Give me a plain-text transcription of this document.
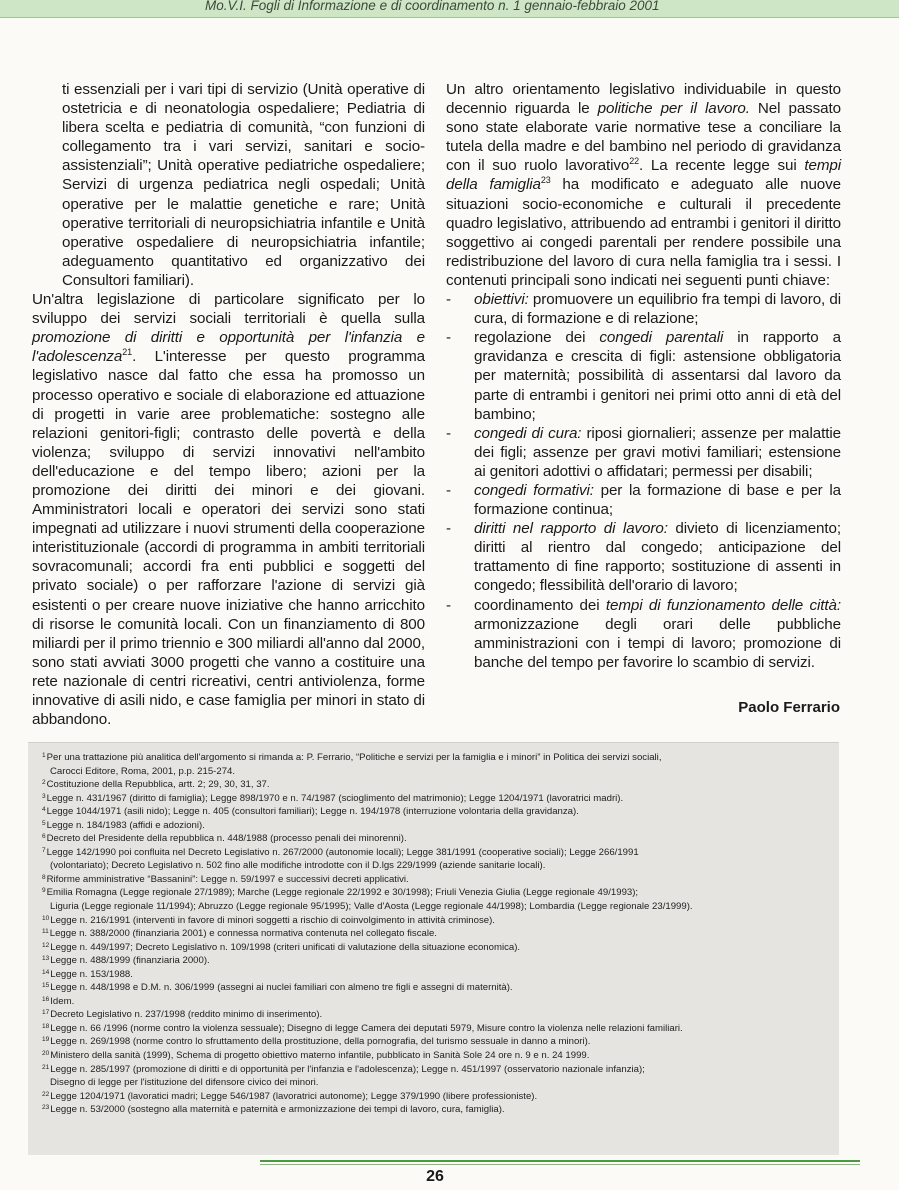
Mo.V.I. Fogli di Informazione e di coordinamento n. 1 gennaio-febbraio 2001

ti essenziali per i vari tipi di servizio (Unità operative di ostetricia e di neonatologia ospedaliere; Pediatria di libera scelta e pediatria di comunità, “con funzioni di collegamento tra i vari servizi, sanitari e socio-assistenziali”; Unità operative pediatriche ospedaliere; Servizi di urgenza pediatrica negli ospedali; Unità operative per le malattie genetiche e rare; Unità operative territoriali di neuropsichiatria infantile e Unità operative ospedaliere di neuropsichiatria infantile; adeguamento quantitativo ed organizzativo dei Consultori familiari).

Un'altra legislazione di particolare significato per lo sviluppo dei servizi sociali territoriali è quella sulla promozione di diritti e opportunità per l'infanzia e l'adolescenza$^{21}$. L'interesse per questo programma legislativo nasce dal fatto che essa ha promosso un processo operativo e sociale di elaborazione ed attuazione di progetti in varie aree problematiche: sostegno alle relazioni genitori-figli; contrasto delle povertà e della violenza; sviluppo di servizi innovativi nell'ambito dell'educazione e del tempo libero; azioni per la promozione dei diritti dei minori e dei giovani. Amministratori locali e operatori dei servizi sono stati impegnati ad utilizzare i nuovi strumenti della cooperazione interistituzionale (accordi di programma in ambiti territoriali sovracomunali; accordi fra enti pubblici e soggetti del privato sociale) o per rafforzare l'azione di servizi già esistenti o per creare nuove iniziative che hanno arricchito di risorse le comunità locali. Con un finanziamento di 800 miliardi per il primo triennio e 300 miliardi all'anno dal 2000, sono stati avviati 3000 progetti che vanno a costituire una rete nazionale di centri ricreativi, centri antiviolenza, forme innovative di asili nido, e case famiglia per minori in stato di abbandono.

Un altro orientamento legislativo individuabile in questo decennio riguarda le politiche per il lavoro. Nel passato sono state elaborate varie normative tese a conciliare la tutela della madre e del bambino nel periodo di gravidanza con il suo ruolo lavorativo$^{22}$. La recente legge sui tempi della famiglia$^{23}$ ha modificato e adeguato alle nuove situazioni socio-economiche e culturali il precedente quadro legislativo, attribuendo ad entrambi i genitori il diritto soggettivo ai congedi parentali per rendere possibile una redistribuzione del lavoro di cura nella famiglia tra i sessi. I contenuti principali sono indicati nei seguenti punti chiave:

- obiettivi: promuovere un equilibrio fra tempi di lavoro, di cura, di formazione e di relazione;
- regolazione dei congedi parentali in rapporto a gravidanza e crescita di figli: astensione obbligatoria per maternità; possibilità di assentarsi dal lavoro da parte di entrambi i genitori nei primi otto anni di età del bambino;
- congedi di cura: riposi giornalieri; assenze per malattie dei figli; assenze per gravi motivi familiari; estensione ai genitori adottivi o affidatari; permessi per disabili;
- congedi formativi: per la formazione di base e per la formazione continua;
- diritti nel rapporto di lavoro: divieto di licenziamento; diritti al rientro dal congedo; anticipazione del trattamento di fine rapporto; sostituzione di assenti in congedo; flessibilità dell'orario di lavoro;
- coordinamento dei tempi di funzionamento delle città: armonizzazione degli orari delle pubbliche amministrazioni con i tempi di lavoro; promozione di banche del tempo per favorire lo scambio di servizi.
Paolo Ferrario

$^1$Per una trattazione più analitica dell'argomento si rimanda a: P. Ferrario, “Politiche e servizi per la famiglia e i minori” in Politica dei servizi sociali,

Carocci Editore, Roma, 2001, p.p. 215-274.

$^2$Costituzione della Repubblica, artt. 2; 29, 30, 31, 37.

$^3$Legge n. 431/1967 (diritto di famiglia); Legge 898/1970 e n. 74/1987 (scioglimento del matrimonio); Legge 1204/1971 (lavoratrici madri).

$^4$Legge 1044/1971 (asili nido); Legge n. 405 (consultori familiari); Legge n. 194/1978 (interruzione volontaria della gravidanza).

$^5$Legge n. 184/1983 (affidi e adozioni).

$^6$Decreto del Presidente della repubblica n. 448/1988 (processo penali dei minorenni).

$^7$Legge 142/1990 poi confluita nel Decreto Legislativo n. 267/2000 (autonomie locali); Legge 381/1991 (cooperative sociali); Legge 266/1991

(volontariato); Decreto Legislativo n. 502 fino alle modifiche introdotte con il D.lgs 229/1999 (aziende sanitarie locali).

$^8$Riforme amministrative “Bassanini”: Legge n. 59/1997 e successivi decreti applicativi.

$^9$Emilia Romagna (Legge regionale 27/1989); Marche (Legge regionale 22/1992 e 30/1998); Friuli Venezia Giulia (Legge regionale 49/1993);

Liguria (Legge regionale 11/1994); Abruzzo (Legge regionale 95/1995); Valle d'Aosta (Legge regionale 44/1998); Lombardia (Legge regionale 23/1999).

$^{10}$Legge n. 216/1991 (interventi in favore di minori soggetti a rischio di coinvolgimento in attività criminose).

$^{11}$Legge n. 388/2000 (finanziaria 2001) e connessa normativa contenuta nel collegato fiscale.

$^{12}$Legge n. 449/1997; Decreto Legislativo n. 109/1998 (criteri unificati di valutazione della situazione economica).

$^{13}$Legge n. 488/1999 (finanziaria 2000).

$^{14}$Legge n. 153/1988.

$^{15}$Legge n. 448/1998 e D.M. n. 306/1999 (assegni ai nuclei familiari con almeno tre figli e assegni di maternità).

$^{16}$Idem.

$^{17}$Decreto Legislativo n. 237/1998 (reddito minimo di inserimento).

$^{18}$Legge n. 66 /1996 (norme contro la violenza sessuale); Disegno di legge Camera dei deputati 5979, Misure contro la violenza nelle relazioni familiari.

$^{19}$Legge n. 269/1998 (norme contro lo sfruttamento della prostituzione, della pornografia, del turismo sessuale in danno a minori).

$^{20}$Ministero della sanità (1999), Schema di progetto obiettivo materno infantile, pubblicato in Sanità Sole 24 ore n. 9 e n. 24 1999.

$^{21}$Legge n. 285/1997 (promozione di diritti e di opportunità per l'infanzia e l'adolescenza); Legge n. 451/1997 (osservatorio nazionale infanzia);

Disegno di legge per l'istituzione del difensore civico dei minori.

$^{22}$Legge 1204/1971 (lavoratici madri; Legge 546/1987 (lavoratrici autonome); Legge 379/1990 (libere professioniste).

$^{23}$Legge n. 53/2000 (sostegno alla maternità e paternità e armonizzazione dei tempi di lavoro, cura, famiglia).

26
